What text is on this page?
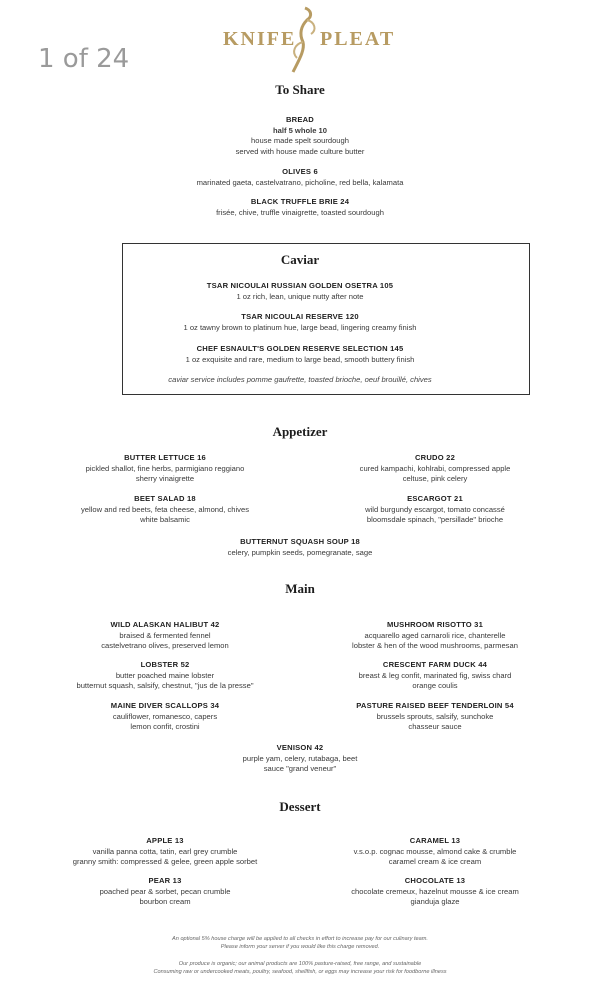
1 of 24
KNIFE PLEAT
To Share
BREAD
half 5 whole 10
house made spelt sourdough
served with house made culture butter
OLIVES 6
marinated gaeta, castelvatrano, picholine, red bella, kalamata
BLACK TRUFFLE BRIE 24
frisée, chive, truffle vinaigrette, toasted sourdough
Caviar
TSAR NICOULAI RUSSIAN GOLDEN OSETRA 105
1 oz rich, lean, unique nutty after note
TSAR NICOULAI RESERVE 120
1 oz tawny brown to platinum hue, large bead, lingering creamy finish
CHEF ESNAULT'S GOLDEN RESERVE SELECTION 145
1 oz exquisite and rare, medium to large bead, smooth buttery finish
caviar service includes pomme gaufrette, toasted brioche, oeuf brouillé, chives
Appetizer
BUTTER LETTUCE 16
pickled shallot, fine herbs, parmigiano reggiano
sherry vinaigrette
CRUDO 22
cured kampachi, kohlrabi, compressed apple
celtuse, pink celery
BEET SALAD 18
yellow and red beets, feta cheese, almond, chives
white balsamic
ESCARGOT 21
wild burgundy escargot, tomato concassé
bloomsdale spinach, "persillade" brioche
BUTTERNUT SQUASH SOUP 18
celery, pumpkin seeds, pomegranate, sage
Main
WILD ALASKAN HALIBUT 42
braised & fermented fennel
castelvetrano olives, preserved lemon
MUSHROOM RISOTTO 31
acquarello aged carnaroli rice, chanterelle
lobster & hen of the wood mushrooms, parmesan
LOBSTER 52
butter poached maine lobster
butternut squash, salsify, chestnut, "jus de la presse"
CRESCENT FARM DUCK 44
breast & leg confit, marinated fig, swiss chard
orange coulis
MAINE DIVER SCALLOPS 34
cauliflower, romanesco, capers
lemon confit, crostini
PASTURE RAISED BEEF TENDERLOIN 54
brussels sprouts, salsify, sunchoke
chasseur sauce
VENISON 42
purple yam, celery, rutabaga, beet
sauce "grand veneur"
Dessert
APPLE 13
vanilla panna cotta, tatin, earl grey crumble
granny smith: compressed & gelee, green apple sorbet
CARAMEL 13
v.s.o.p. cognac mousse, almond cake & crumble
caramel cream & ice cream
PEAR 13
poached pear & sorbet, pecan crumble
bourbon cream
CHOCOLATE 13
chocolate cremeux, hazelnut mousse & ice cream
gianduja glaze
An optional 5% house charge will be applied to all checks in effort to increase pay for our culinary team.
Please inform your server if you would like this charge removed.
Our produce is organic; our animal products are 100% pasture-raised, free range, and sustainable
Consuming raw or undercooked meats, poultry, seafood, shellfish, or eggs may increase your risk for foodborne illness
